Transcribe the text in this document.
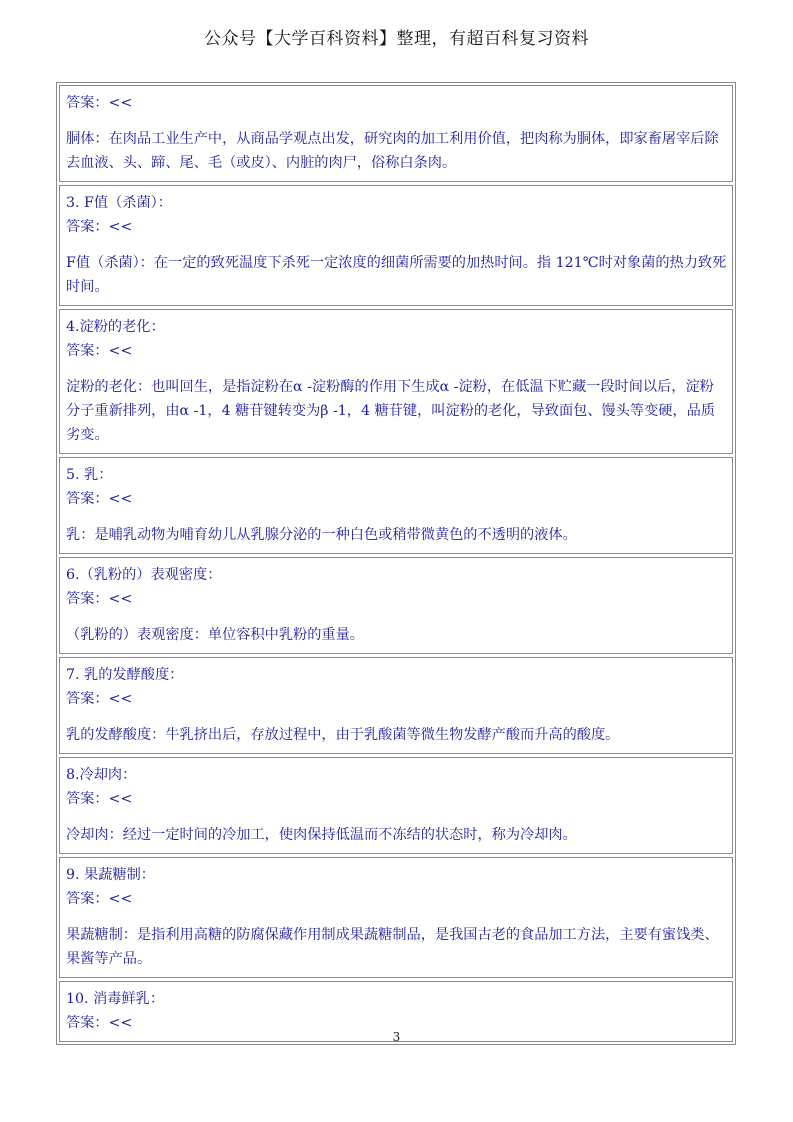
公众号【大学百科资料】整理，有超百科复习资料
答案：<<
胴体：在肉品工业生产中，从商品学观点出发，研究肉的加工利用价值，把肉称为胴体，即家畜屠宰后除去血液、头、蹄、尾、毛（或皮）、内脏的肉尸，俗称白条肉。
3. F值（杀菌）：
答案：<<
F值（杀菌）：在一定的致死温度下杀死一定浓度的细菌所需要的加热时间。指 121℃时对象菌的热力致死时间。
4.淀粉的老化：
答案：<<
淀粉的老化：也叫回生，是指淀粉在α -淀粉酶的作用下生成α -淀粉，在低温下贮藏一段时间以后，淀粉分子重新排列，由α -1，4 糖苷键转变为β -1，4 糖苷键，叫淀粉的老化，导致面包、馒头等变硬，品质劣变。
5. 乳：
答案：<<
乳：是哺乳动物为哺育幼儿从乳腺分泌的一种白色或稍带微黄色的不透明的液体。
6.（乳粉的）表观密度：
答案：<<
（乳粉的）表观密度：单位容积中乳粉的重量。
7. 乳的发酵酸度：
答案：<<
乳的发酵酸度：牛乳挤出后，存放过程中，由于乳酸菌等微生物发酵产酸而升高的酸度。
8.冷却肉：
答案：<<
冷却肉：经过一定时间的冷加工，使肉保持低温而不冻结的状态时，称为冷却肉。
9. 果蔬糖制：
答案：<<
果蔬糖制：是指利用高糖的防腐保藏作用制成果蔬糖制品，是我国古老的食品加工方法，主要有蜜饯类、果酱等产品。
10. 消毒鲜乳：
答案：<<
3
